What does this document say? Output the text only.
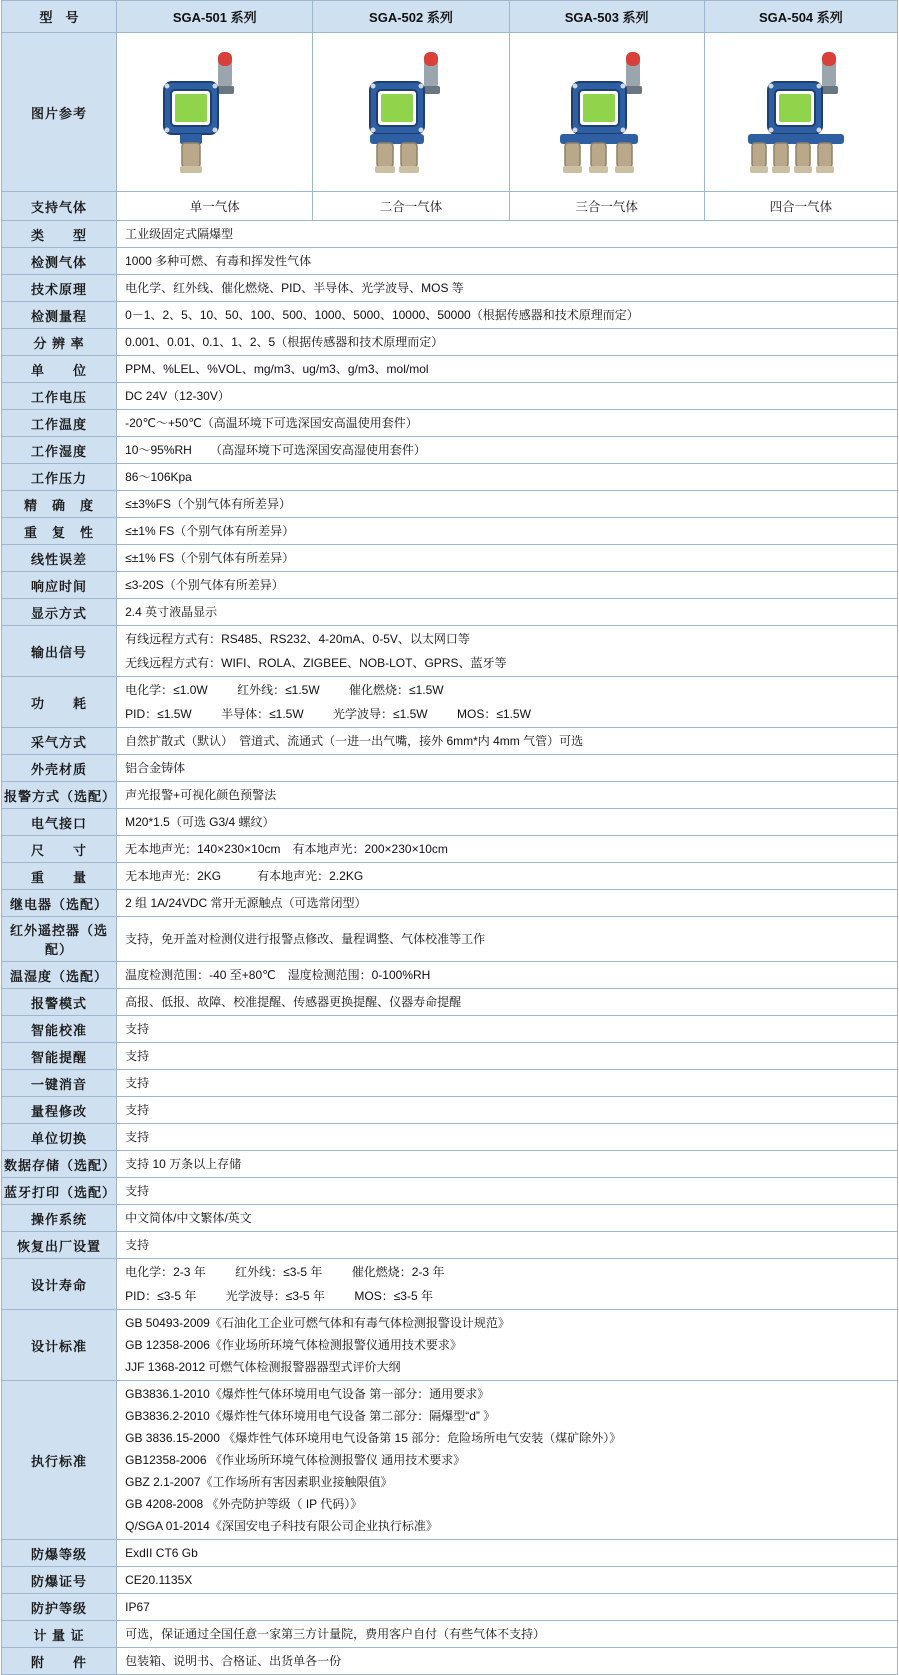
型　号	SGA-501 系列	SGA-502 系列	SGA-503 系列	SGA-504 系列
图片参考	

支持气体	单一气体	二合一气体	三合一气体	四合一气体
类　　型	工业级固定式隔爆型			
检测气体	1000 多种可燃、有毒和挥发性气体			
技术原理	电化学、红外线、催化燃烧、PID、半导体、光学波导、MOS 等			
检测量程	0－1、2、5、10、50、100、500、1000、5000、10000、50000（根据传感器和技术原理而定）			
分 辨 率	0.001、0.01、0.1、1、2、5（根据传感器和技术原理而定）			
单　　位	PPM、%LEL、%VOL、mg/m3、ug/m3、g/m3、mol/mol			
工作电压	DC 24V（12-30V）			
工作温度	-20℃～+50℃（高温环境下可选深国安高温使用套件）			
工作湿度	10～95%RH　　（高湿环境下可选深国安高湿使用套件）			
工作压力	86～106Kpa			
精　确　度	≤±3%FS（个别气体有所差异）			
重　复　性	≤±1% FS（个别气体有所差异）			
线性误差	≤±1% FS（个别气体有所差异）			
响应时间	≤3-20S（个别气体有所差异）			
显示方式	2.4 英寸液晶显示			
输出信号	有线远程方式有：RS485、RS232、4-20mA、0-5V、以太网口等
无线远程方式有：WIFI、ROLA、ZIGBEE、NOB-LOT、GPRS、蓝牙等			

功　　耗	电化学：≤1.0W 红外线：≤1.5W 催化燃烧：≤1.5W
PID：≤1.5W 半导体：≤1.5W 光学波导：≤1.5W MOS：≤1.5W			

采气方式	自然扩散式（默认）　管道式、流通式（一进一出气嘴，接外 6mm*内 4mm 气管）可选			
外壳材质	铝合金铸体			
报警方式（选配）	声光报警+可视化颜色预警法			
电气接口	M20*1.5（可选 G3/4 螺纹）			
尺　　寸	无本地声光：140×230×10cm　有本地声光：200×230×10cm			
重　　量	无本地声光：2KG　　　有本地声光：2.2KG			
继电器（选配）	2 组 1A/24VDC 常开无源触点（可选常闭型）			
红外遥控器（选配）	支持，免开盖对检测仪进行报警点修改、量程调整、气体校准等工作			
温湿度（选配）	温度检测范围：-40 至+80℃　湿度检测范围：0-100%RH			
报警模式	高报、低报、故障、校准提醒、传感器更换提醒、仪器寿命提醒			
智能校准	支持			
智能提醒	支持			
一键消音	支持			
量程修改	支持			
单位切换	支持			
数据存储（选配）	支持 10 万条以上存储			
蓝牙打印（选配）	支持			
操作系统	中文简体/中文繁体/英文			
恢复出厂设置	支持			
设计寿命	电化学：2-3 年 红外线：≤3-5 年 催化燃烧：2-3 年
PID：≤3-5 年 光学波导：≤3-5 年 MOS：≤3-5 年			

设计标准	GB 50493-2009《石油化工企业可燃气体和有毒气体检测报警设计规范》
GB 12358-2006《作业场所环境气体检测报警仪通用技术要求》
JJF 1368-2012 可燃气体检测报警器器型式评价大纲			

执行标准	
GB3836.1-2010《爆炸性气体环境用电气设备 第一部分：通用要求》
GB3836.2-2010《爆炸性气体环境用电气设备 第二部分：隔爆型“d” 》
GB 3836.15-2000 《爆炸性气体环境用电气设备第 15 部分：危险场所电气安装（煤矿除外）》
GB12358-2006 《作业场所环境气体检测报警仪 通用技术要求》
GBZ 2.1-2007《工作场所有害因素职业接触限值》
GB 4208-2008 《外壳防护等级（ IP 代码）》
Q/SGA 01-2014《深国安电子科技有限公司企业执行标准》

防爆等级	ExdII CT6 Gb			
防爆证号	CE20.1135X			
防护等级	IP67			
计 量 证	可选，保证通过全国任意一家第三方计量院，费用客户自付（有些气体不支持）			
附　　件	包装箱、说明书、合格证、出货单各一份			
